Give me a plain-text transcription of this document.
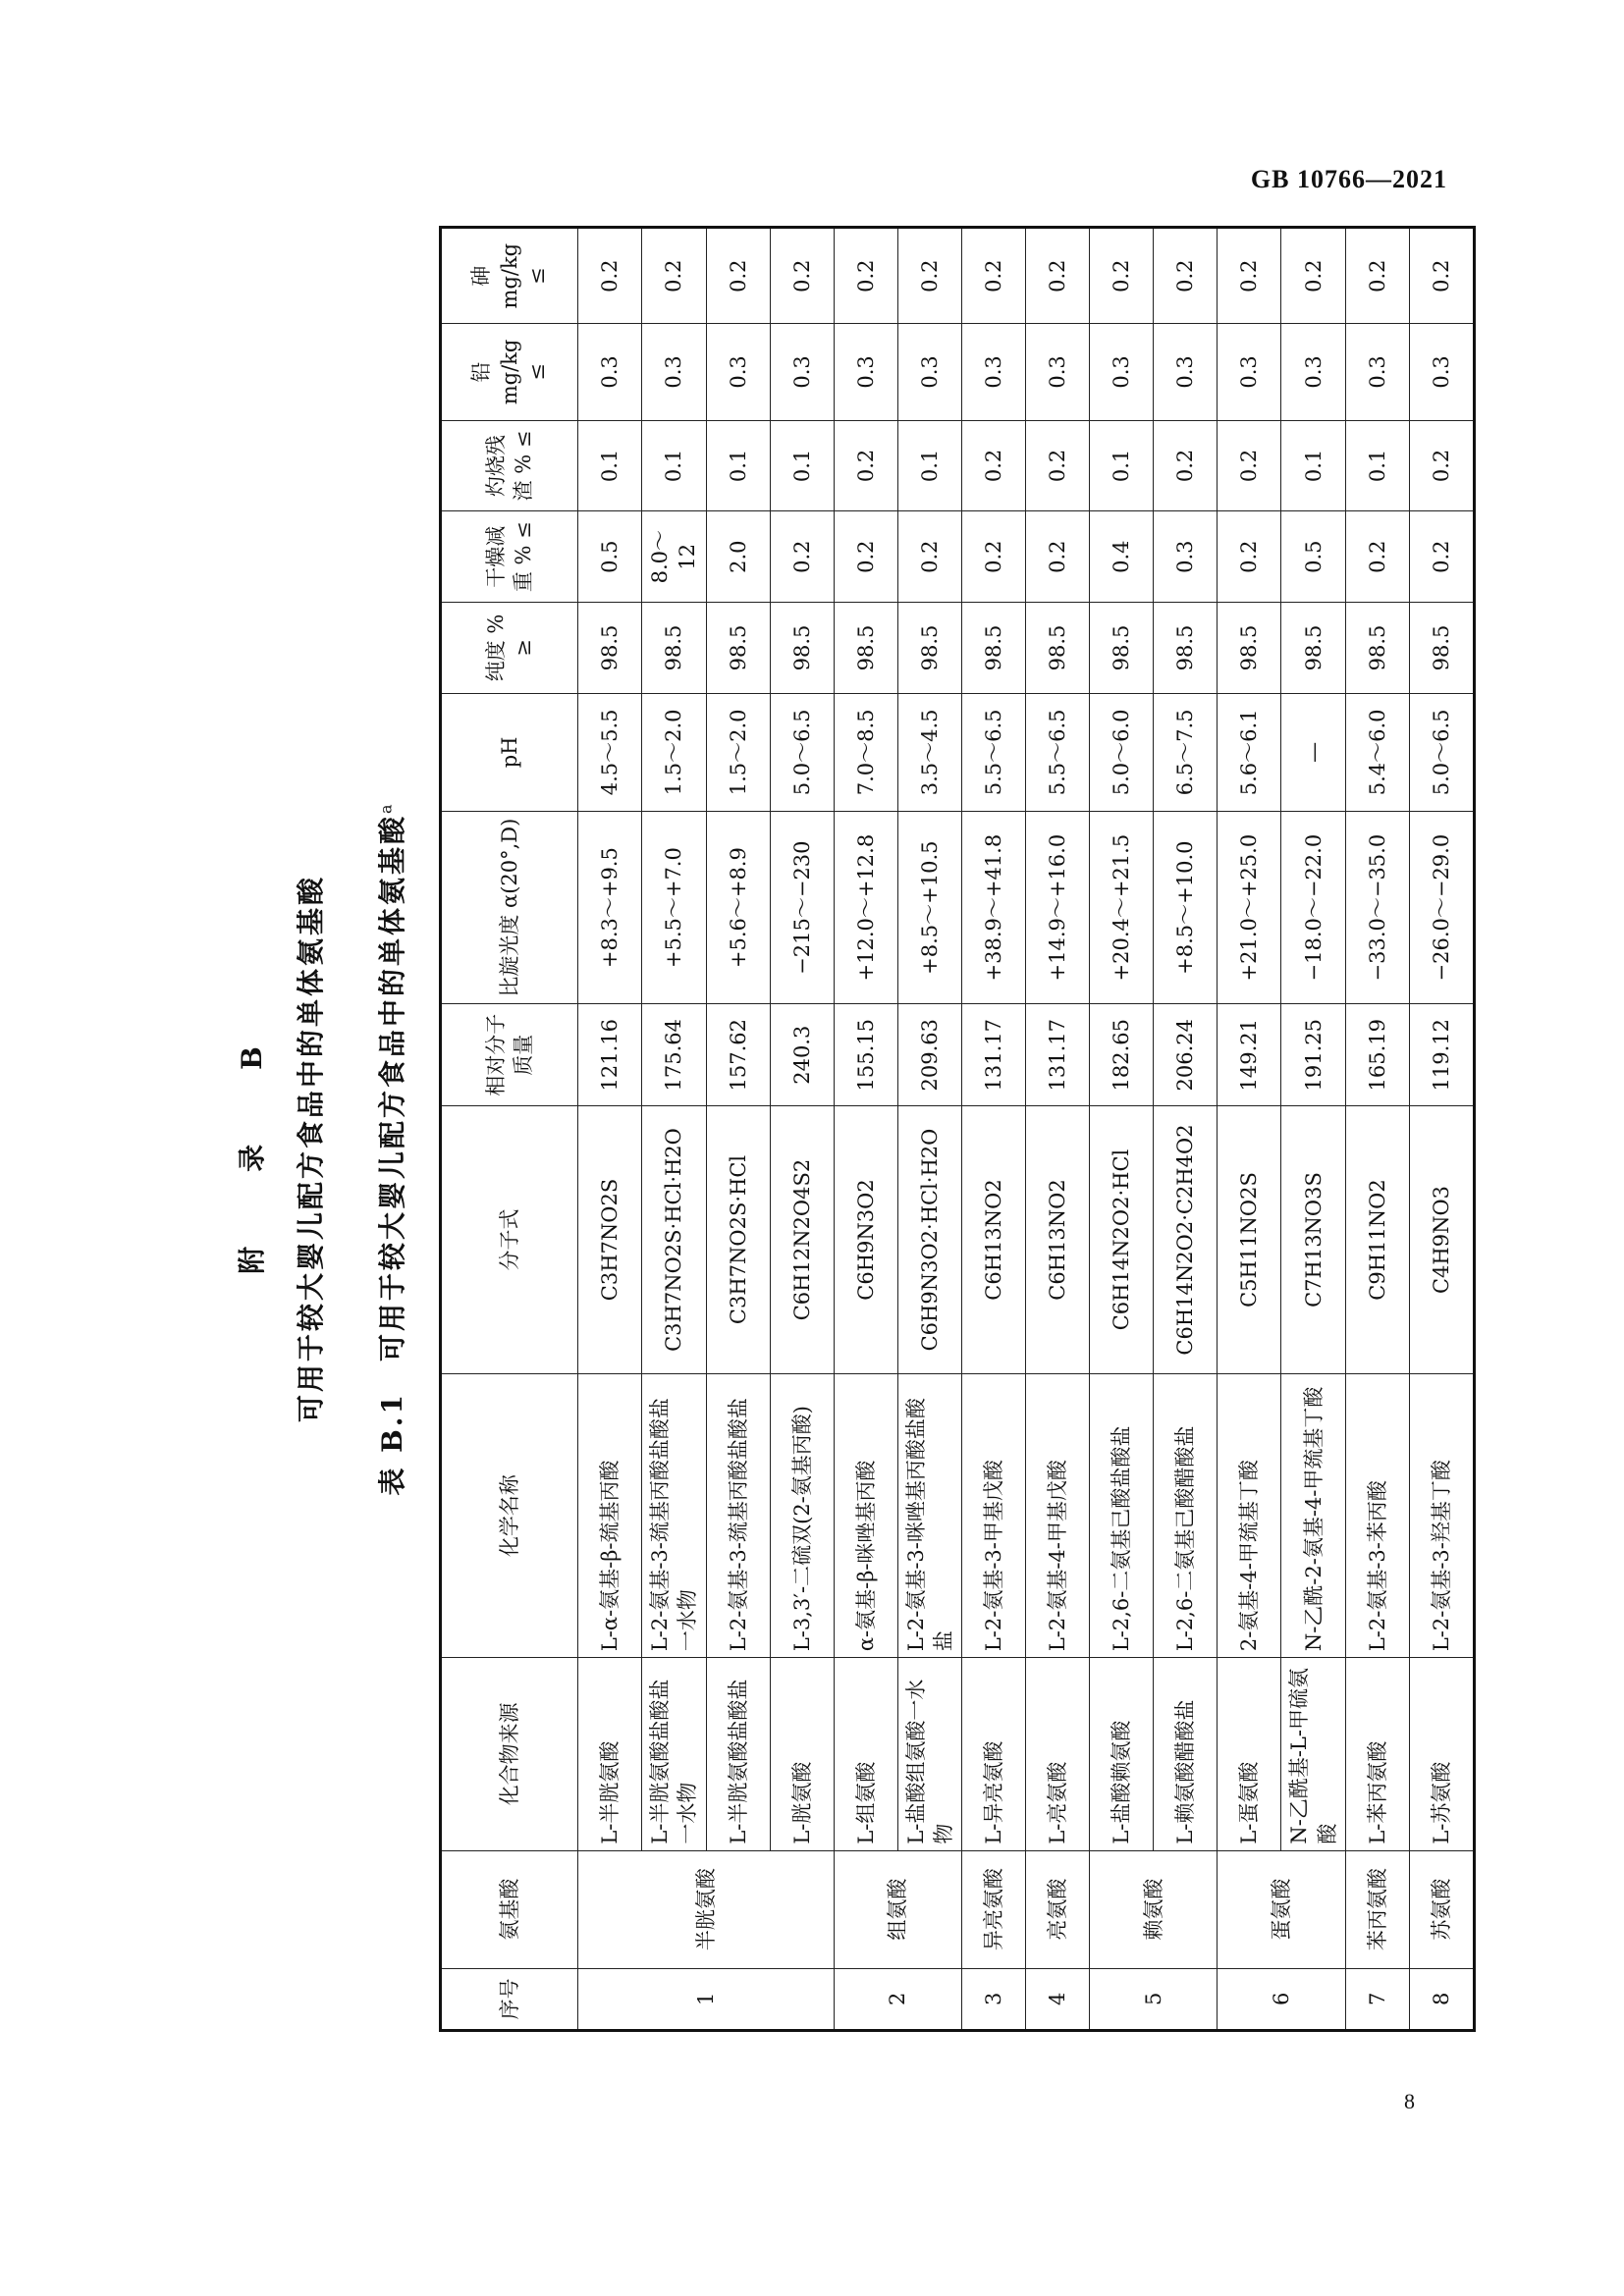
GB 10766—2021
附　录　B 可用于较大婴儿配方食品中的单体氨基酸 表 B.1　可用于较大婴儿配方食品中的单体氨基酸$^a$
序号	氨基酸	化合物来源	化学名称	分子式	相对分子质量	比旋光度 α(20°,D)	pH	纯度 % ≥	干燥减重 % ≤	灼烧残渣 % ≤	铅 mg/kg ≤	砷 mg/kg ≤
1	半胱氨酸	L-半胱氨酸	L-α-氨基-β-巯基丙酸	C3H7NO2S	121.16	+8.3～+9.5	4.5～5.5	98.5	0.5	0.1	0.3	0.2
		L-半胱氨酸盐酸盐一水物	L-2-氨基-3-巯基丙酸盐酸盐一水物	C3H7NO2S·HCl·H2O	175.64	+5.5～+7.0	1.5～2.0	98.5	8.0～12	0.1	0.3	0.2
		L-半胱氨酸盐酸盐	L-2-氨基-3-巯基丙酸盐酸盐	C3H7NO2S·HCl	157.62	+5.6～+8.9	1.5～2.0	98.5	2.0	0.1	0.3	0.2
		L-胱氨酸	L-3,3′-二硫双(2-氨基丙酸)	C6H12N2O4S2	240.3	−215～−230	5.0～6.5	98.5	0.2	0.1	0.3	0.2
2	组氨酸	L-组氨酸	α-氨基-β-咪唑基丙酸	C6H9N3O2	155.15	+12.0～+12.8	7.0～8.5	98.5	0.2	0.2	0.3	0.2
		L-盐酸组氨酸一水物	L-2-氨基-3-咪唑基丙酸盐酸盐	C6H9N3O2·HCl·H2O	209.63	+8.5～+10.5	3.5～4.5	98.5	0.2	0.1	0.3	0.2
3	异亮氨酸	L-异亮氨酸	L-2-氨基-3-甲基戊酸	C6H13NO2	131.17	+38.9～+41.8	5.5～6.5	98.5	0.2	0.2	0.3	0.2
4	亮氨酸	L-亮氨酸	L-2-氨基-4-甲基戊酸	C6H13NO2	131.17	+14.9～+16.0	5.5～6.5	98.5	0.2	0.2	0.3	0.2
5	赖氨酸	L-盐酸赖氨酸	L-2,6-二氨基己酸盐酸盐	C6H14N2O2·HCl	182.65	+20.4～+21.5	5.0～6.0	98.5	0.4	0.1	0.3	0.2
		L-赖氨酸醋酸盐	L-2,6-二氨基己酸醋酸盐	C6H14N2O2·C2H4O2	206.24	+8.5～+10.0	6.5～7.5	98.5	0.3	0.2	0.3	0.2
6	蛋氨酸	L-蛋氨酸	2-氨基-4-甲巯基丁酸	C5H11NO2S	149.21	+21.0～+25.0	5.6～6.1	98.5	0.2	0.2	0.3	0.2
		N-乙酰基-L-甲硫氨酸	N-乙酰-2-氨基-4-甲巯基丁酸	C7H13NO3S	191.25	−18.0～−22.0	—	98.5	0.5	0.1	0.3	0.2
7	苯丙氨酸	L-苯丙氨酸	L-2-氨基-3-苯丙酸	C9H11NO2	165.19	−33.0～−35.0	5.4～6.0	98.5	0.2	0.1	0.3	0.2
8	苏氨酸	L-苏氨酸	L-2-氨基-3-羟基丁酸	C4H9NO3	119.12	−26.0～−29.0	5.0～6.5	98.5	0.2	0.2	0.3	0.2
8
